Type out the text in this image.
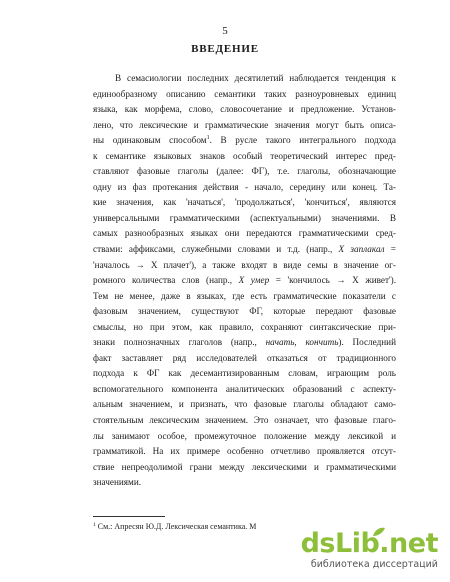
5
ВВЕДЕНИЕ
В семасиологии последних десятилетий наблюдается тенденция к
единообразному описанию семантики таких разноуровневых единиц
языка, как морфема, слово, словосочетание и предложение. Установ-
лено, что лексические и грамматические значения могут быть описа-
ны одинаковым способом$^1$. В русле такого интегрального подхода
к семантике языковых знаков особый теоретический интерес пред-
ставляют фазовые глаголы (далее: ФГ), т.е. глаголы, обозначающие
одну из фаз протекания действия - начало, середину или конец. Та-
кие значения, как 'начаться', 'продолжаться', 'кончиться', являются
универсальными грамматическими (аспектуальными) значениями. В
самых разнообразных языках они передаются грамматическими сред-
ствами: аффиксами, служебными словами и т.д. (напр., Х заплакал =
'началось → Х плачет'), а также входят в виде семы в значение ог-
ромного количества слов (напр., Х умер = 'кончилось → Х живет').
Тем не менее, даже в языках, где есть грамматические показатели с
фазовым значением, существуют ФГ, которые передают фазовые
смыслы, но при этом, как правило, сохраняют синтаксические при-
знаки полнозначных глаголов (напр., начать, кончить). Последний
факт заставляет ряд исследователей отказаться от традиционного
подхода к ФГ как десемантизированным словам, играющим роль
вспомогательного компонента аналитических образований с аспекту-
альным значением, и признать, что фазовые глаголы обладают само-
стоятельным лексическим значением. Это означает, что фазовые глаго-
лы занимают особое, промежуточное положение между лексикой и
грамматикой. На их примере особенно отчетливо проявляется отсут-
ствие непреодолимой грани между лексическими и грамматическими
значениями.
$^1$ См.: Апресян Ю.Д. Лексическая семантика. М
dsLib.net
библиотека диссертаций
